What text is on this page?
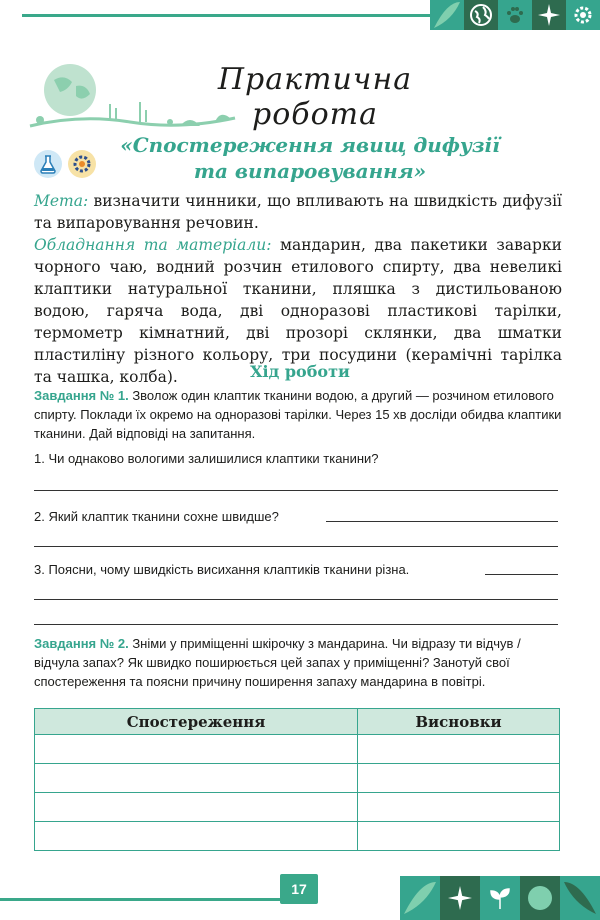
Практична робота
«Спостереження явищ дифузії
та випаровування»

Мета: визначити чинники, що впливають на швидкість дифузії та випаровування речовин.

Обладнання та матеріали: мандарин, два пакетики заварки чорного чаю, водний розчин етилового спирту, два невеликі клаптики натуральної тканини, пляшка з дистильованою водою, гаряча вода, дві одноразові пластикові тарілки, термометр кімнатний, дві прозорі склянки, два шматки пластиліну різного кольору, три посудини (керамічні тарілка та чашка, колба).	Хід роботи
Завдання № 1. Зволож один клаптик тканини водою, а другий — розчином етилового спирту. Поклади їх окремо на одноразові тарілки. Через 15 хв досліди обидва клаптики тканини. Дай відповіді на запитання.
1. Чи однаково вологими залишилися клаптики тканини?
2. Який клаптик тканини сохне швидше?
3. Поясни, чому швидкість висихання клаптиків тканини різна.
Завдання № 2. Зніми у приміщенні шкірочку з мандарина. Чи відразу ти відчув / відчула запах? Як швидко поширюється цей запах у приміщенні? Занотуй свої спостереження та поясни причину поширення запаху мандарина в повітрі.
Спостереження	Висновки

17
